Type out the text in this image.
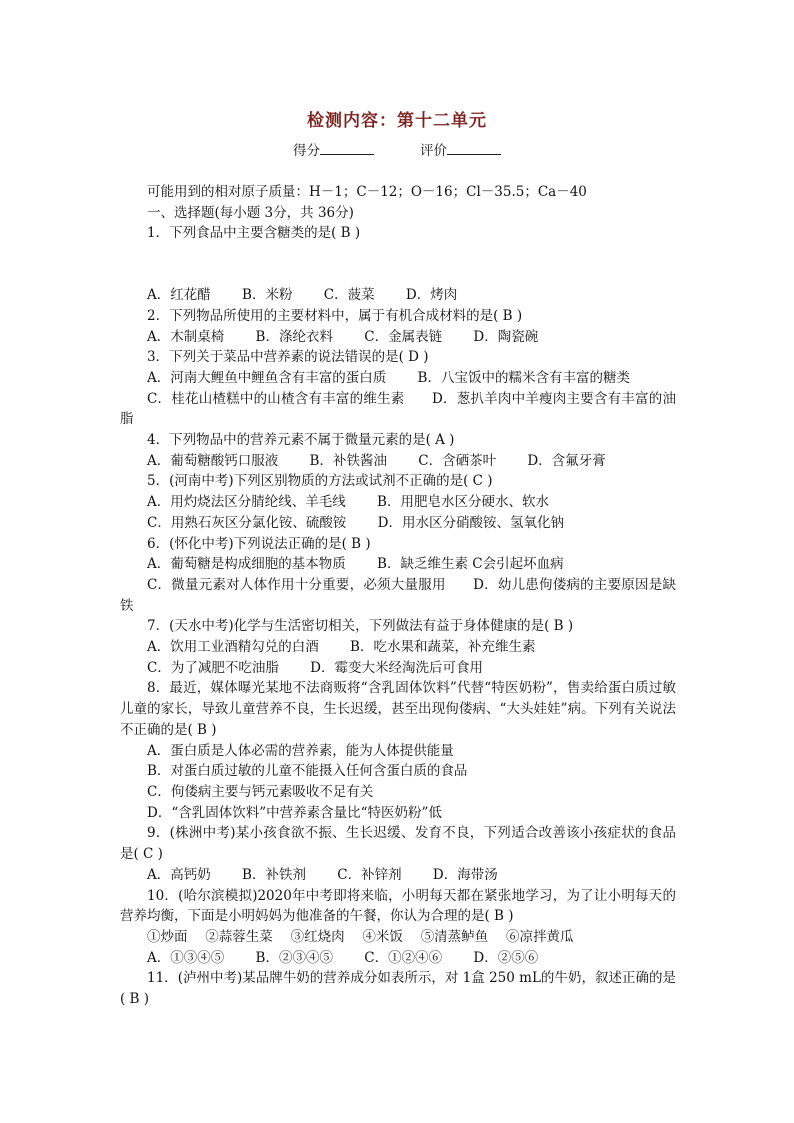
检测内容：第十二单元
得分	评价
可能用到的相对原子质量：H－1；C－12；O－16；Cl－35.5；Ca－40
一、选择题(每小题 3分，共 36分)
1．下列食品中主要含糖类的是( B )
A．红花醋　　 B．米粉　　 C．菠菜　　 D．烤肉
2．下列物品所使用的主要材料中，属于有机合成材料的是( B )
A．木制桌椅　　 B．涤纶衣料　　 C．金属表链　　 D．陶瓷碗
3．下列关于菜品中营养素的说法错误的是( D )
A．河南大鲤鱼中鲤鱼含有丰富的蛋白质　　 B．八宝饭中的糯米含有丰富的糖类
C．桂花山楂糕中的山楂含有丰富的维生素　　D．葱扒羊肉中羊瘦肉主要含有丰富的油脂
4．下列物品中的营养元素不属于微量元素的是( A )
A．葡萄糖酸钙口服液　　 B．补铁酱油　　 C．含硒茶叶　　 D．含氟牙膏
5．(河南中考)下列区别物质的方法或试剂不正确的是( C )
A．用灼烧法区分腈纶线、羊毛线　　 B．用肥皂水区分硬水、软水
C．用熟石灰区分氯化铵、硫酸铵　　 D．用水区分硝酸铵、氢氧化钠
6．(怀化中考)下列说法正确的是( B )
A．葡萄糖是构成细胞的基本物质　　 B．缺乏维生素 C会引起坏血病
C．微量元素对人体作用十分重要，必须大量服用　　D．幼儿患佝偻病的主要原因是缺铁
7．(天水中考)化学与生活密切相关，下列做法有益于身体健康的是( B )
A．饮用工业酒精勾兑的白酒　　 B．吃水果和蔬菜，补充维生素
C．为了减肥不吃油脂　　 D．霉变大米经淘洗后可食用
8．最近，媒体曝光某地不法商贩将“含乳固体饮料”代替“特医奶粉”，售卖给蛋白质过敏儿童的家长，导致儿童营养不良，生长迟缓，甚至出现佝偻病、“大头娃娃”病。下列有关说法不正确的是( B )
A．蛋白质是人体必需的营养素，能为人体提供能量
B．对蛋白质过敏的儿童不能摄入任何含蛋白质的食品
C．佝偻病主要与钙元素吸收不足有关
D．“含乳固体饮料”中营养素含量比“特医奶粉”低
9．(株洲中考)某小孩食欲不振、生长迟缓、发育不良，下列适合改善该小孩症状的食品是( C )
A．高钙奶　　 B．补铁剂　　 C．补锌剂　　 D．海带汤
10．(哈尔滨模拟)2020年中考即将来临，小明每天都在紧张地学习，为了让小明每天的营养均衡，下面是小明妈妈为他准备的午餐，你认为合理的是( B )
①炒面　 ②蒜蓉生菜　 ③红烧肉　 ④米饭　 ⑤清蒸鲈鱼　 ⑥凉拌黄瓜
A．①③④⑤　　 B．②③④⑤　　 C．①②④⑥　　 D．②⑤⑥
11．(泸州中考)某品牌牛奶的营养成分如表所示，对 1盒 250 mL的牛奶，叙述正确的是( B )
